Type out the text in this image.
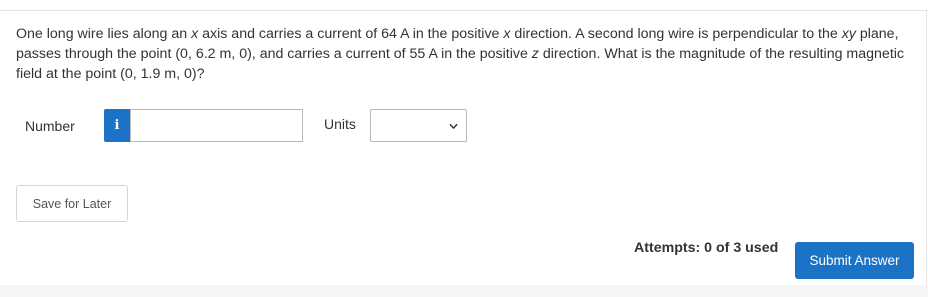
One long wire lies along an x axis and carries a current of 64 A in the positive x direction. A second long wire is perpendicular to the xy plane, passes through the point (0, 6.2 m, 0), and carries a current of 55 A in the positive z direction. What is the magnitude of the resulting magnetic field at the point (0, 1.9 m, 0)?

Number	i	Units
Save for Later
Attempts: 0 of 3 used
Submit Answer
